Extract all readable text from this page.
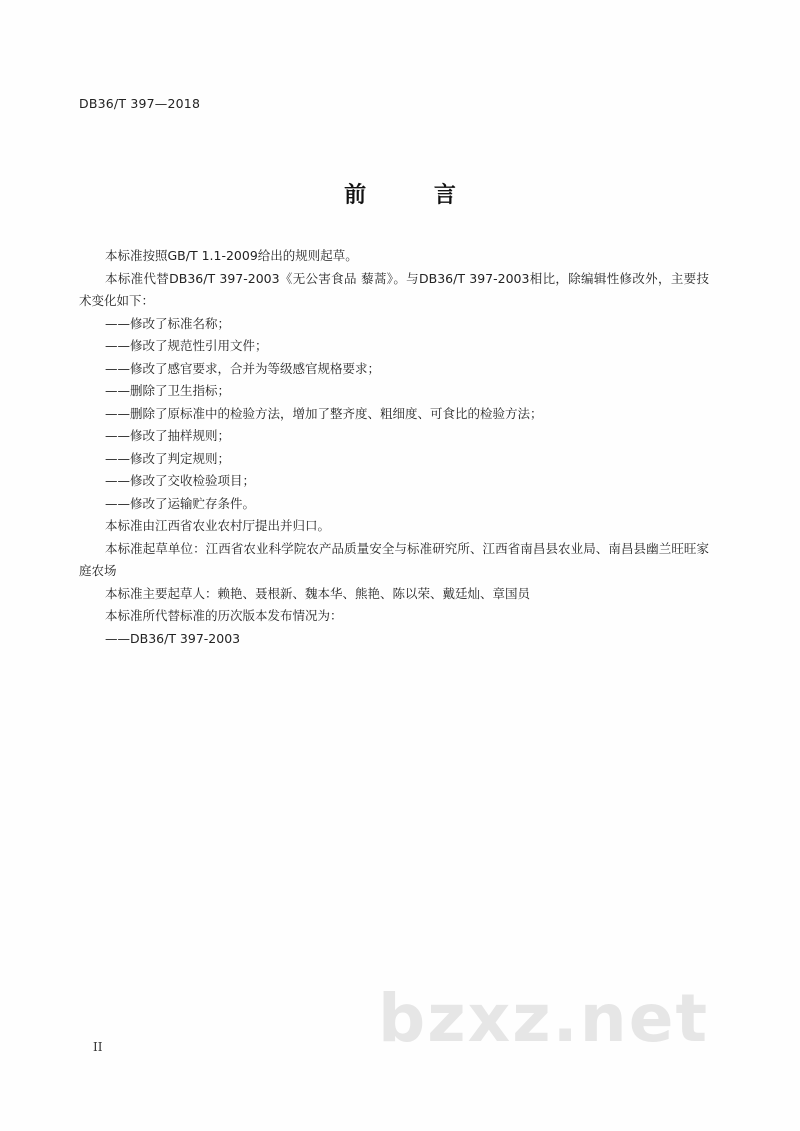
DB36/T 397—2018
前 言

本标准按照GB/T 1.1-2009给出的规则起草。

本标准代替DB36/T 397-2003《无公害食品 藜蒿》。与DB36/T 397-2003相比，除编辑性修改外，主要技术变化如下：

——修改了标准名称；

——修改了规范性引用文件；

——修改了感官要求，合并为等级感官规格要求；

——删除了卫生指标；

——删除了原标准中的检验方法，增加了整齐度、粗细度、可食比的检验方法；

——修改了抽样规则；

——修改了判定规则；

——修改了交收检验项目；

——修改了运输贮存条件。

本标准由江西省农业农村厅提出并归口。

本标准起草单位：江西省农业科学院农产品质量安全与标准研究所、江西省南昌县农业局、南昌县幽兰旺旺家庭农场

本标准主要起草人：赖艳、聂根新、魏本华、熊艳、陈以荣、戴廷灿、章国员

本标准所代替标准的历次版本发布情况为：

——DB36/T 397-2003

II	bzxz.net
